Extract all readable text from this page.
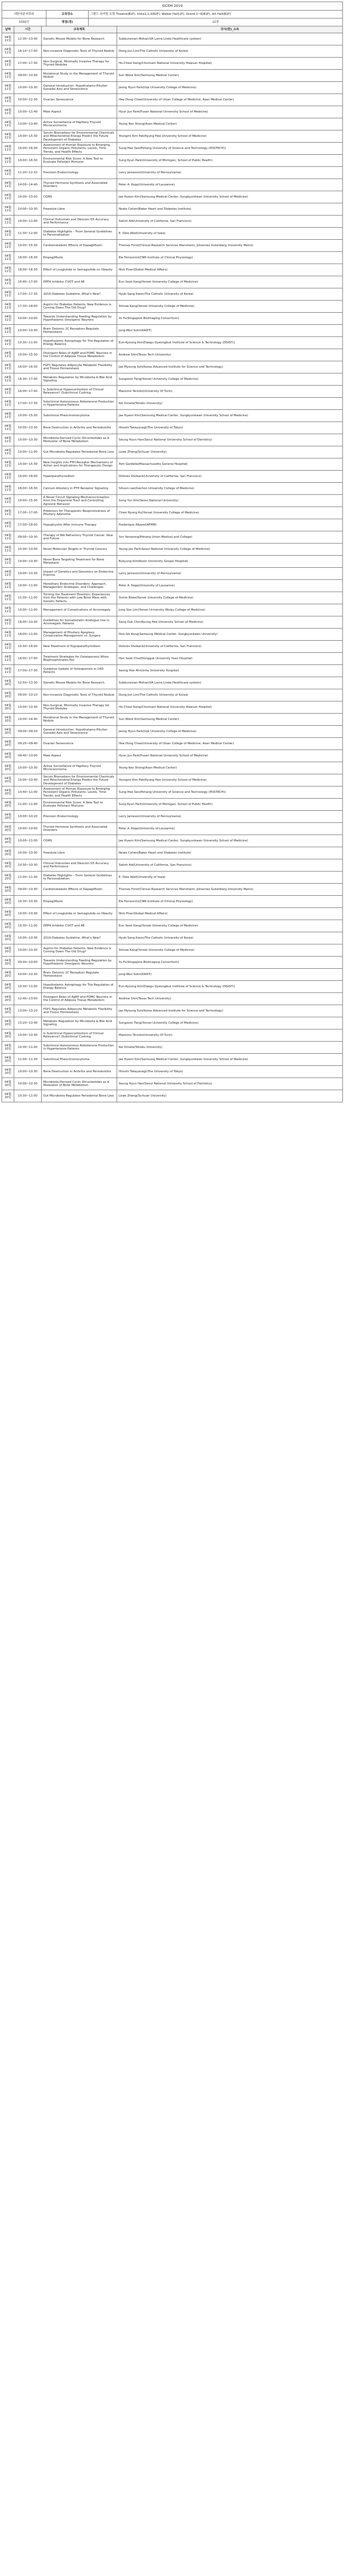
SICEM 2019
대한내분비학회	교육장소	그랜드 워커힐 호텔 Theatre(B1F), Vista1,2,3(B2F), Walker Hall(1F), Grand 1~6(B1F), Art Hall(B1F)
1030건	평점(점)	12점
날짜	시간	교육제목	강사(한)_소속
04월 11일
12:30~13:40	Genetic Mouse Models for Bone Research	Subburaman Mohan(VA Loma Linda Healthcare system)
04월 11일
16:10~17:00	Non-invasive Diagnostic Tools of Thyroid Nodule	Dong-Jun Lim(The Catholic University of Korea)
04월 11일
17:00~17:30
Non-Surgical, Minimally Invasive Therapy for Thyroid Nodules
Ho-Cheol Kang(Chonnam National University Hwasun Hospital)
04월 11일
09:00~10:30
Mutational Study in the Management of Thyroid Nodule
Sun Wook Kim(Samsung Medical Center)
04월 11일
10:00~10:30
General Introduction: Hypothalamo-Pituitar-Gonadal Axis and Senescence
Jeong Hyun Park(Inje University College of Medicine)
04월 11일
10:00~12:30	Ovarian Senescence	Hee Dong Chae(University of Ulsan College of Medicine, Asan Medical Center)
04월 11일
10:00~11:40	Male Aspect	Hyun Jun Park(Pusan National University School of Medicine)
04월 11일
13:00~13:40
Active Surveillance of Papillary Thyroid Microcarcinoma
Young Kee Shong(Asan Medical Center)
04월 11일
10:00~15:30
Serum Biomarkers for Environmental Chemicals and Mitochondrial Energy Predict the Future Development of Diabetes
Youngmi Kim Pak(Kyung Hee University School of Medicine)
04월 11일
16:00~16:30
Assessment of Human Exposure to Emerging Persistent Organic Pollutants: Levels, Time Trends, and Health Effects
Sung-Hee Seo(Pohang University of Science and Technology (POSTECH))
04월 11일
10:00~16:30
Environmental Risk Score: A New Tool to Evaluate Pollutant Mixtures
Sung Kyun Park(University of Michigan, School of Public Health)
04월 11일
11:20~12:10	Precision Endocrinology	Larry Jameson(University of Pennsylvania)
04월 11일
14:00~14:40
Thyroid Hormone Synthesis and Associated Disorders
Peter A. Kopp(University of Lausanne)
04월 11일
10:00~10:00	CGMS	Jae Hyeon Kim(Samsung Medical Center, Sungkyunkwan University School of Medicine)
04월 11일
10:00~10:30	Freestyle Libre	Neale Cohen(Baker Heart and Diabetes Institute)
04월 11일
10:00~11:00
Clinical Outcomes and Dexcom G5 Accuracy and Performance
Satish Adi(University of California, San Francisco)
04월 11일
11:30~12:00
Diabetes Highlights – From General Guidelines to Personalization
E. Dale Abel(University of Iowa)
04월 11일
10:00~15:30	Cardiometabolic Effects of Dapagliflozin	Thomas Forst(Clinical Research Services Mannheim, Johannes Gutenberg University Mainz)
04월 11일
16:00~16:30	Empagliflozin	Ele Ferrannini(CNR Institute of Clinical Physiology)
04월 11일
16:00~16:30	Effect of Liraglutide or Semaglutide on Obesity	Nick Finer(Global Medical Affairs)
04월 11일
16:40~17:00	DPP4 Inhibitor CVOT and AE	Eun Seok Kang(Yonsei University College of Medicine)
04월 11일
17:00~17:30	2019 Diabetes Guideline, What's New?	Hyuk-Sang Kwon(The Catholic University of Korea)
04월 11일
17:30~18:00
Aspirin for Diabetes Patients: New Evidence is Coming Down The Old Drug?
Shinae Kang(Yonsei University College of Medicine)
04월 11일
10:00~10:00
Towards Understanding Feeding Regulation by Hypothalamic Orexigenic Neurons
Yu Fu(Singapore Bioimaging Consortium)
04월 11일
10:00~10:30
Brain Dotomic 2C Receptors Regulate Homeostasis
Jong-Woo Sohn(KAIST)
04월 11일
10:30~11:00
Hypothalamic Astrophagy for The Regulation of Energy Balance
Eun-Kyoung Kim(Daegu Gyeongbuk Institute of Science & Technology (DGIST))
04월 11일
10:00~15:30
Divergent Roles of AgRP and POMC Neurons in the Control of Adipose Tissue Metabolism
Andrew Shin(Texas Tech University)
04월 11일
16:00~16:30
FGF1 Regulates Adipocyte Metabolic Flexibility and Tissue Homeostasis
Jae Myoung Suh(Korea Advanced Institute for Science and Technology)
04월 11일
16:30~17:00
Metabolic Regulation by Microbiota & Bile Acid Signaling
Sungsoon Fang(Yonsei University College of Medicine)
04월 11일
16:00~17:00
Is Subclinical Hypercortisolism of Clinical Relevance? (Subclinical Cushing
Massimo Terzolo(University Of Turin)
04월 11일
17:00~17:30
Subclinical Autonomous Aldosterone Production in Hypertensive Patients
Kei Omata(Tohoku University)
04월 11일
10:00~15:30	Subclinical Pheochromocytoma	Jae Hyeon Kim(Samsung Medical Center, Sungkyunkwan University School of Medicine)
04월 11일
10:00~10:30	Bone Destruction in Arthritis and Periodontitis	Hiroshi Takayanagi(The University of Tokyo)
04월 11일
10:00~10:30
Microbiota-Derived Cyclic Dinucleotides as A Modulator of Bone Metabolism
Seung Hyun Han(Seoul National University School of Dentistry)
04월 11일
10:00~11:00	Gut Microbiota Regulates Periodontal Bone Loss	Lowe Zheng(Sichuan University)
04월 11일
10:00~15:30
New Insights into PTH Receptor Mechanisms of Action and Implications for Therapeutic Design
Tom Gardella(Massachusetts General Hospital)
04월 11일
16:00~16:00	Hyperparathyroidism	Dolores Shoback(University of California, San Francisco)
04월 11일
16:00~16:30	Calcium Allostery in PTH Receptor Signaling	Sihoon Lee(Gachon University College of Medicine)
04월 11일
10:00~15:30
A Novel Circuit Signaling Mechanocrinisation from the Dopamine Tract and Controlling Agnostic Behavior
Sung Yun Kim(Seoul National University)
04월 11일
17:00~17:00
Predictors for Therapeutic Responsiveness of Pituitary Adenoma
Cheol Ryong Ku(Yonsei University College of Medicine)
04월 11일
17:00~18:00	Hypophysitis After Immune Therapy	Frederique Albarel(APHM)
04월 11일
09:00~10:30
Therapy of RAI Refractory Thyroid Cancer: Now and Future
Yun Yanseong(Pohang Union Medical and College)
04월 11일
10:30~10:00	Novel Molecular Targets in Thyroid Cancers	Young-Joo Park(Seoul National University College of Medicine)
04월 11일
10:00~10:30
Novel Bone Targeting Treatment for Bone Metastasis
Bukyung Kim(Kosin University Gospel Hospital)
04월 11일
10:00~10:30
Impact of Genetics and Genomics on Endocrine Practice
Larry Jameson(University of Pennsylvania)
04월 11일
10:00~11:00
Hereditary Endocrine Disorders: Approach, Management Strategies, and Challenges
Peter A. Kopp(University of Lausanne)
04월 11일
11:00~11:00
Turning the Treatment Direction: Experiences from the Patients with Low Bone Mass with Genetic Defects
Yumie Rhee(Yonsei University College of Medicine)
04월 11일
10:00~11:00	Management of Complications of Acromegaly	Jung Soo Lim(Yonsei University Wonju College of Medicine)
04월 11일
16:00~10:30
Guidelines for Somatostatin Analogue Use in Acromegalic Patients
Sang Ouk Chin(Kyung Hee University School of Medicine)
04월 11일
16:00~11:00
Management of Pituitary Apoplexy: Conservative Management vs. Surgery
Doo-Sik Kong(Samsung Medical Center, Sungkyunkwan University)
04월 11일
10:30~16:00	New Treatment of Hypoparathyroidism	Dolores Shoback(University of California, San Francisco)
04월 11일
16:00~17:00
Treatment Strategies for Osteoporosis When Bisphosphonates Fail
Han Seok Choi(Dongguk University Ilsan Hospital)
04월 11일
17:00~17:30
Guideline Update of Osteoporosis in CKD Patients
Seong Hee Ahn(Inha University Hospital)
04월 20일
12:50~13:30	Genetic Mouse Models for Bone Research	Subburaman Mohan(VA Loma Linda Healthcare system)
04월 20일
09:00~10:10	Non-invasive Diagnostic Tools of Thyroid Nodule	Dong-Jun Lim(The Catholic University of Korea)
04월 20일
10:00~10:30
Non-Surgical, Minimally Invasive Therapy for Thyroid Nodules
Ho-Cheol Kang(Chonnam National University Hwasun Hospital)
04월 20일
14:00~14:40
Mutational Study in the Management of Thyroid Nodule
Sun Wook Kim(Samsung Medical Center)
04월 20일
09:00~09:20
General Introduction: Hypothalamo-Pituitar-Gonadal Axis and Senescence
Jeong Hyun Park(Inje University College of Medicine)
04월 20일
09:20~09:40	Ovarian Senescence	Hee Dong Chae(University of Ulsan College of Medicine, Asan Medical Center)
04월 20일
09:40~10:00	Male Aspect	Hyun Jun Park(Pusan National University School of Medicine)
04월 20일
10:00~10:30
Active Surveillance of Papillary Thyroid Microcarcinoma
Young Kee Shong(Asan Medical Center)
04월 20일
10:00~10:40
Serum Biomarkers for Environmental Chemicals and Mitochondrial Energy Predict the Future Development of Diabetes
Youngmi Kim Pak(Kyung Hee University School of Medicine)
04월 20일
10:40~11:00
Assessment of Human Exposure to Emerging Persistent Organic Pollutants: Levels, Time Trends, and Health Effects
Sung-Hee Seo(Pohang University of Science and Technology (POSTECH))
04월 20일
11:00~11:40
Environmental Risk Score: A New Tool to Evaluate Pollutant Mixtures
Sung Kyun Park(University of Michigan, School of Public Health)
04월 20일
10:00~10:20	Precision Endocrinology	Larry Jameson(University of Pennsylvania)
04월 20일
10:00~10:00
Thyroid Hormone Synthesis and Associated Disorders
Peter A. Kopp(University of Lausanne)
04월 20일
10:00~11:00	CGMS	Jae Hyeon Kim(Samsung Medical Center, Sungkyunkwan University School of Medicine)
04월 20일
10:00~10:30	Freestyle Libre	Neale Cohen(Baker Heart and Diabetes Institute)
04월 20일
10:30~10:30
Clinical Outcomes and Dexcom G5 Accuracy and Performance
Satish Adi(University of California, San Francisco)
04월 20일
11:00~11:30
Diabetes Highlights – From General Guidelines to Personalization
E. Dale Abel(University of Iowa)
04월 20일
09:00~10:30	Cardiometabolic Effects of Dapagliflozin	Thomas Forst(Clinical Research Services Mannheim, Johannes Gutenberg University Mainz)
04월 20일
10:30~10:30	Empagliflozin	Ele Ferrannini(CNR Institute of Clinical Physiology)
04월 20일
10:00~10:30	Effect of Liraglutide or Semaglutide on Obesity	Nick Finer(Global Medical Affairs)
04월 20일
10:30~11:00	DPP4 Inhibitor CVOT and AE	Eun Seok Kang(Yonsei University College of Medicine)
04월 20일
10:00~10:30	2019 Diabetes Guideline, What's New?	Hyuk-Sang Kwon(The Catholic University of Korea)
04월 20일
10:00~10:30
Aspirin for Diabetes Patients: New Evidence is Coming Down The Old Drug?
Shinae Kang(Yonsei University College of Medicine)
04월 20일
09:30~10:00
Towards Understanding Feeding Regulation by Hypothalamic Orexigenic Neurons
Yu Fu(Singapore Bioimaging Consortium)
04월 20일
10:00~10:30
Brain Dotomic 2C Receptors Regulate Homeostasis
Jong-Woo Sohn(KAIST)
04월 20일
10:30~11:00
Hypothalamic Astrophagy for The Regulation of Energy Balance
Eun-Kyoung Kim(Daegu Gyeongbuk Institute of Science & Technology (DGIST))
04월 20일
12:40~13:00
Divergent Roles of AgRP and POMC Neurons in the Control of Adipose Tissue Metabolism
Andrew Shin(Texas Tech University)
04월 20일
13:00~13:20
FGF1 Regulates Adipocyte Metabolic Flexibility and Tissue Homeostasis
Jae Myoung Suh(Korea Advanced Institute for Science and Technology)
04월 20일
13:20~13:40
Metabolic Regulation by Microbiota & Bile Acid Signaling
Sungsoon Fang(Yonsei University College of Medicine)
04월 20일
10:00~10:30
Is Subclinical Hypercortisolism of Clinical Relevance? (Subclinical Cushing
Massimo Terzolo(University Of Turin)
04월 20일
10:30~11:00
Subclinical Autonomous Aldosterone Production in Hypertensive Patients
Kei Omata(Tohoku University)
04월 20일
11:00~11:30	Subclinical Pheochromocytoma	Jae Hyeon Kim(Samsung Medical Center, Sungkyunkwan University School of Medicine)
04월 20일
10:00~10:30	Bone Destruction in Arthritis and Periodontitis	Hiroshi Takayanagi(The University of Tokyo)
04월 20일
10:00~10:30
Microbiota-Derived Cyclic Dinucleotides as A Modulator of Bone Metabolism
Seung Hyun Han(Seoul National University School of Dentistry)
04월 20일
10:30~11:00	Gut Microbiota Regulates Periodontal Bone Loss	Lowe Zheng(Sichuan University)
